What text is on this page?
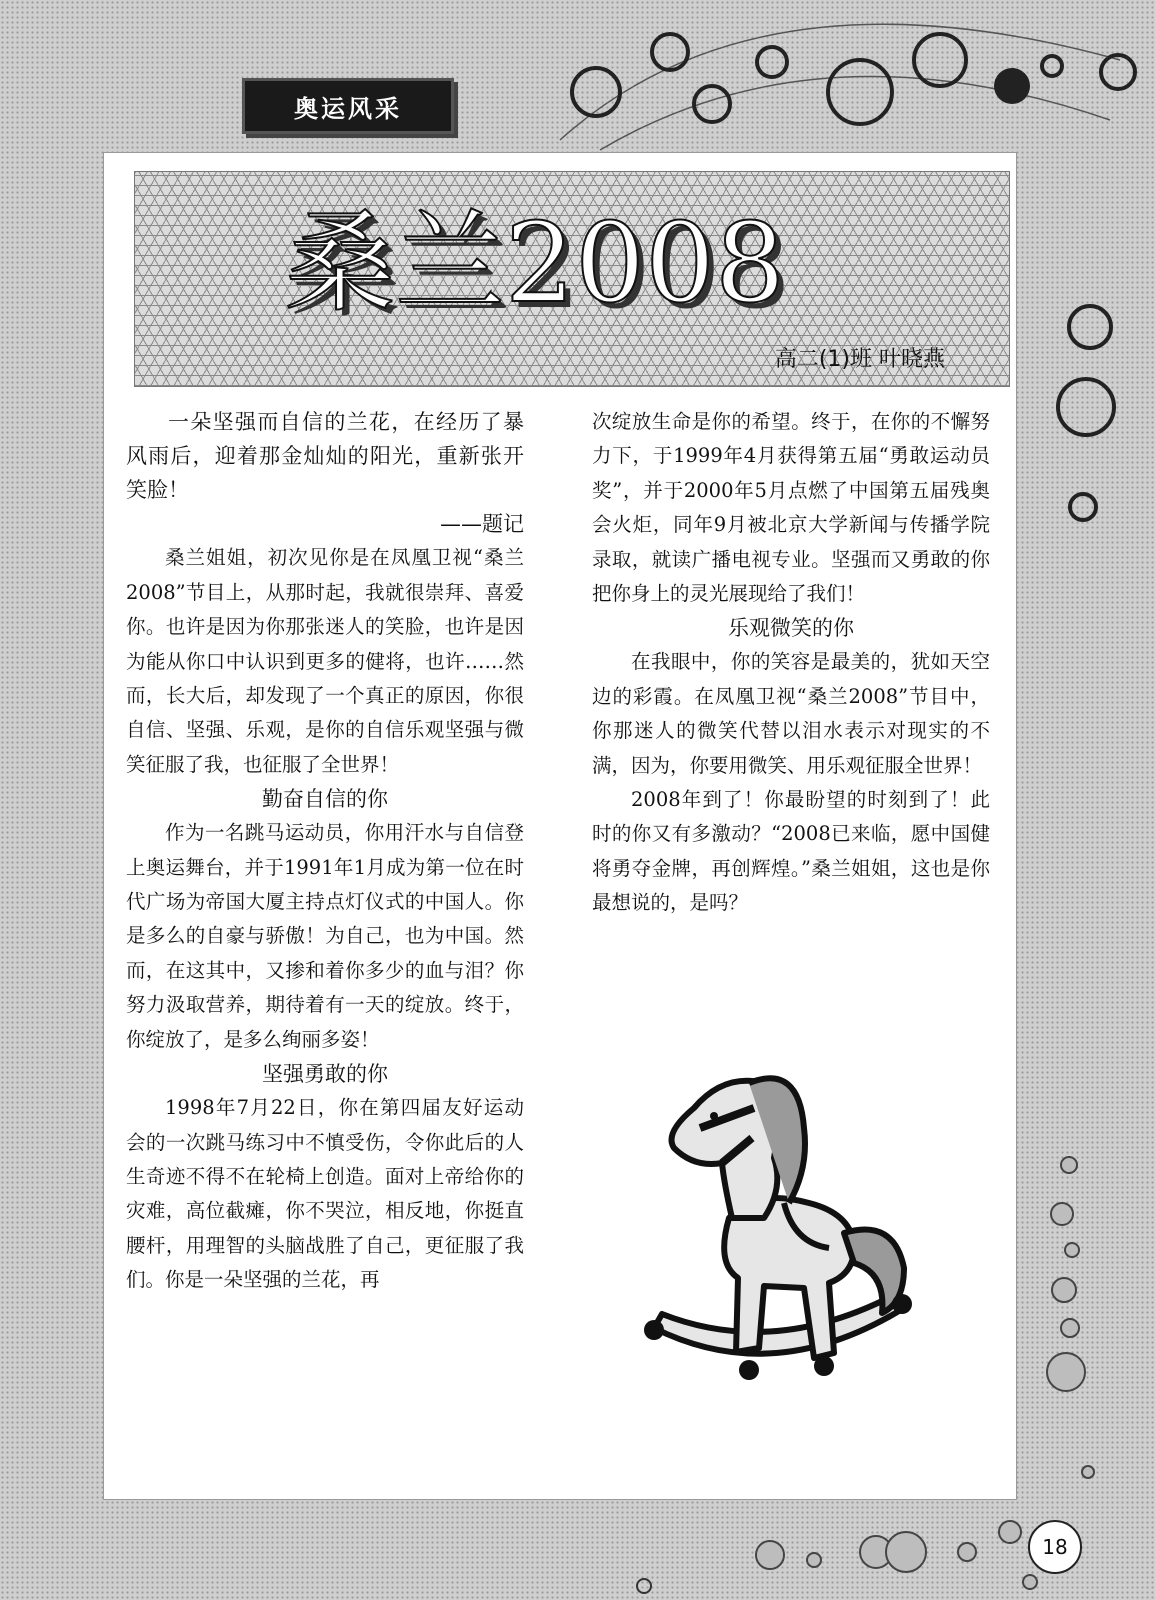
奥运风采
桑兰2008
高二(1)班 叶晓燕

一朵坚强而自信的兰花，在经历了暴风雨后，迎着那金灿灿的阳光，重新张开笑脸！

——题记

桑兰姐姐，初次见你是在凤凰卫视“桑兰2008”节目上，从那时起，我就很崇拜、喜爱你。也许是因为你那张迷人的笑脸，也许是因为能从你口中认识到更多的健将，也许……然而，长大后，却发现了一个真正的原因，你很自信、坚强、乐观，是你的自信乐观坚强与微笑征服了我，也征服了全世界！

勤奋自信的你

作为一名跳马运动员，你用汗水与自信登上奥运舞台，并于1991年1月成为第一位在时代广场为帝国大厦主持点灯仪式的中国人。你是多么的自豪与骄傲！为自己，也为中国。然而，在这其中，又掺和着你多少的血与泪？你努力汲取营养，期待着有一天的绽放。终于，你绽放了，是多么绚丽多姿！

坚强勇敢的你

1998年7月22日，你在第四届友好运动会的一次跳马练习中不慎受伤，令你此后的人生奇迹不得不在轮椅上创造。面对上帝给你的灾难，高位截瘫，你不哭泣，相反地，你挺直腰杆，用理智的头脑战胜了自己，更征服了我们。你是一朵坚强的兰花，再

次绽放生命是你的希望。终于，在你的不懈努力下，于1999年4月获得第五届“勇敢运动员奖”，并于2000年5月点燃了中国第五届残奥会火炬，同年9月被北京大学新闻与传播学院录取，就读广播电视专业。坚强而又勇敢的你把你身上的灵光展现给了我们！

乐观微笑的你

在我眼中，你的笑容是最美的，犹如天空边的彩霞。在凤凰卫视“桑兰2008”节目中，你那迷人的微笑代替以泪水表示对现实的不满，因为，你要用微笑、用乐观征服全世界！

2008年到了！你最盼望的时刻到了！此时的你又有多激动？“2008已来临，愿中国健将勇夺金牌，再创辉煌。”桑兰姐姐，这也是你最想说的，是吗？

18
